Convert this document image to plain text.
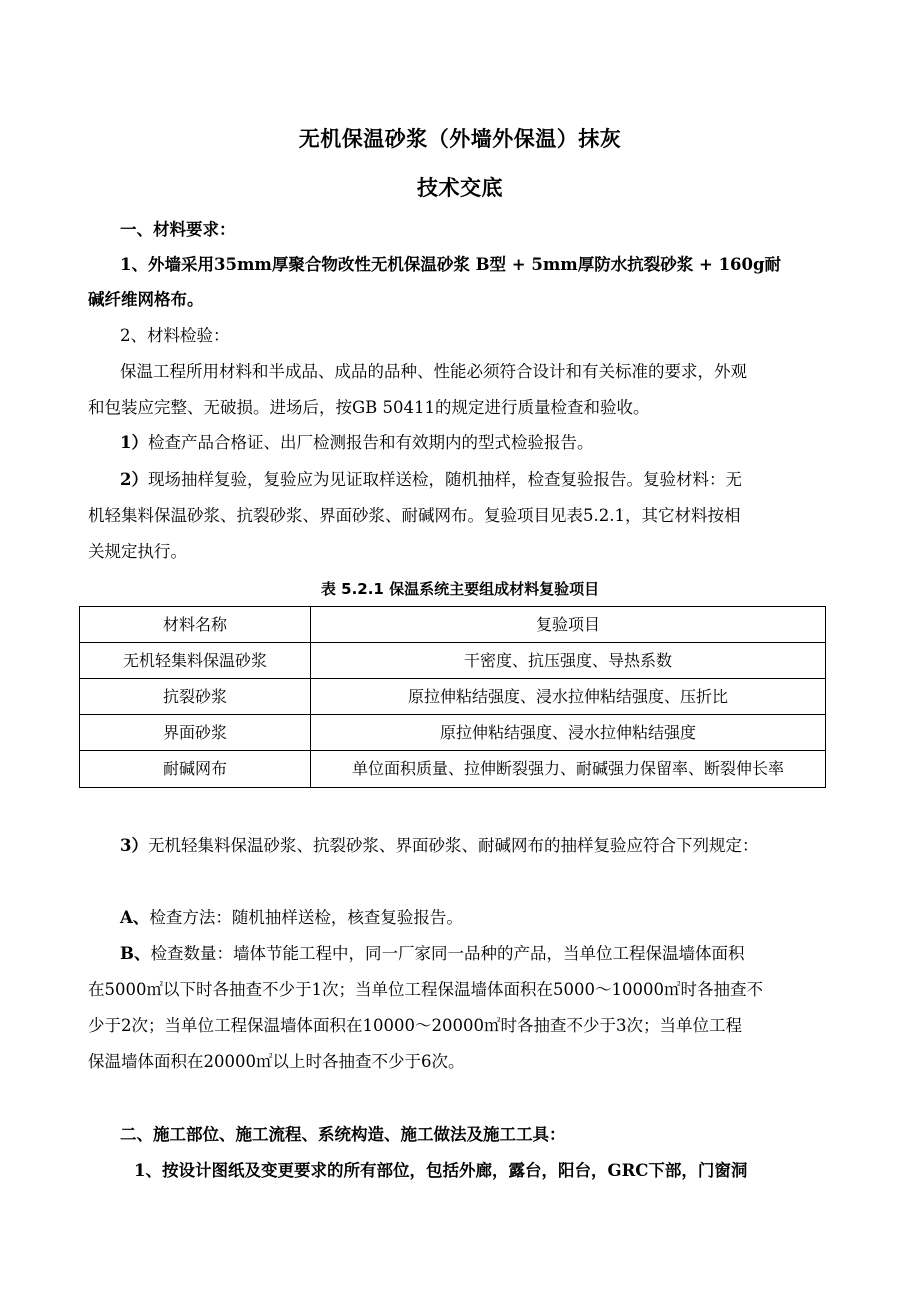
无机保温砂浆（外墙外保温）抹灰
技术交底
一、材料要求：
1、外墙采用35mm厚聚合物改性无机保温砂浆 B型 + 5mm厚防水抗裂砂浆 + 160g耐
碱纤维网格布。
2、材料检验：
保温工程所用材料和半成品、成品的品种、性能必须符合设计和有关标准的要求，外观
和包装应完整、无破损。进场后，按GB 50411的规定进行质量检查和验收。
1）检查产品合格证、出厂检测报告和有效期内的型式检验报告。
2）现场抽样复验，复验应为见证取样送检，随机抽样，检查复验报告。复验材料：无
机轻集料保温砂浆、抗裂砂浆、界面砂浆、耐碱网布。复验项目见表5.2.1，其它材料按相
关规定执行。
表 5.2.1 保温系统主要组成材料复验项目
材料名称	复验项目
无机轻集料保温砂浆	干密度、抗压强度、导热系数
抗裂砂浆	原拉伸粘结强度、浸水拉伸粘结强度、压折比
界面砂浆	原拉伸粘结强度、浸水拉伸粘结强度
耐碱网布	单位面积质量、拉伸断裂强力、耐碱强力保留率、断裂伸长率
3）无机轻集料保温砂浆、抗裂砂浆、界面砂浆、耐碱网布的抽样复验应符合下列规定：
A、检查方法：随机抽样送检，核查复验报告。
B、检查数量：墙体节能工程中，同一厂家同一品种的产品，当单位工程保温墙体面积
在5000㎡以下时各抽查不少于1次；当单位工程保温墙体面积在5000～10000㎡时各抽查不
少于2次；当单位工程保温墙体面积在10000～20000㎡时各抽查不少于3次；当单位工程
保温墙体面积在20000㎡以上时各抽查不少于6次。
二、施工部位、施工流程、系统构造、施工做法及施工工具：
1、按设计图纸及变更要求的所有部位，包括外廊，露台，阳台，GRC下部，门窗洞
